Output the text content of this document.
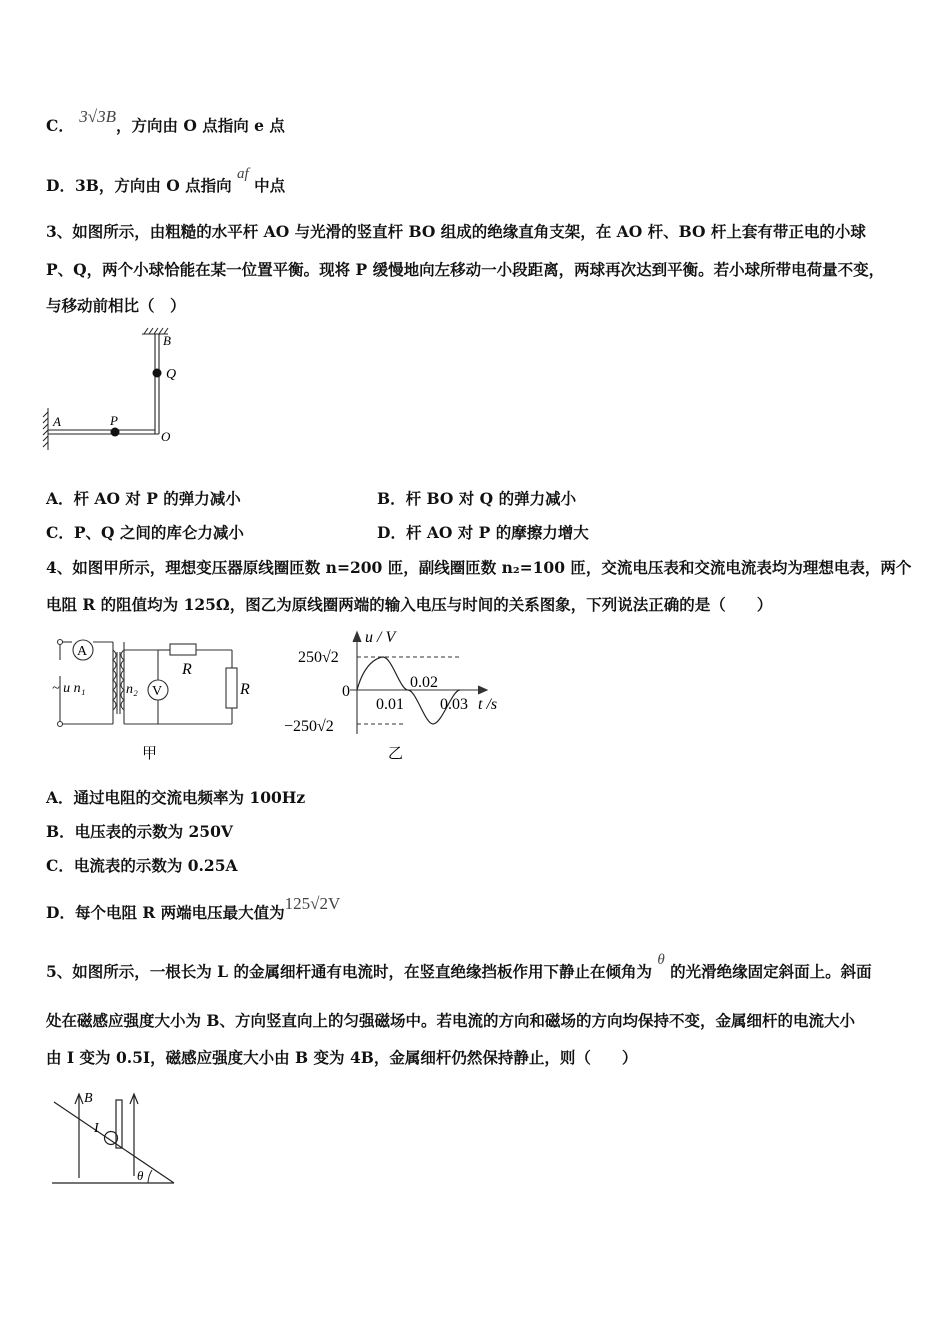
C． 3√3B，方向由 O 点指向 e 点
D．3B，方向由 O 点指向 af 中点
3、如图所示，由粗糙的水平杆 AO 与光滑的竖直杆 BO 组成的绝缘直角支架，在 AO 杆、BO 杆上套有带正电的小球
P、Q，两个小球恰能在某一位置平衡。现将 P 缓慢地向左移动一小段距离，两球再次达到平衡。若小球所带电荷量不变，
与移动前相比（　）
B
Q
A	P
O
A．杆 AO 对 P 的弹力减小	B．杆 BO 对 Q 的弹力减小
C．P、Q 之间的库仑力减小	D．杆 AO 对 P 的摩擦力增大
4、如图甲所示，理想变压器原线圈匝数 n=200 匝，副线圈匝数 n₂=100 匝，交流电压表和交流电流表均为理想电表，两个
电阻 R 的阻值均为 125Ω，图乙为原线圈两端的输入电压与时间的关系图象，下列说法正确的是（　　）
A
V
R
R
~ u n₁	n₂
甲
u / V
250√2
0
−250√2
0.01
0.02
0.03 t /s
乙
A．通过电阻的交流电频率为 100Hz
B．电压表的示数为 250V
C．电流表的示数为 0.25A
D．每个电阻 R 两端电压最大值为125√2V
5、如图所示，一根长为 L 的金属细杆通有电流时，在竖直绝缘挡板作用下静止在倾角为 θ 的光滑绝缘固定斜面上。斜面
处在磁感应强度大小为 B、方向竖直向上的匀强磁场中。若电流的方向和磁场的方向均保持不变，金属细杆的电流大小
由 I 变为 0.5I，磁感应强度大小由 B 变为 4B，金属细杆仍然保持静止，则（　　）
B
I
θ
